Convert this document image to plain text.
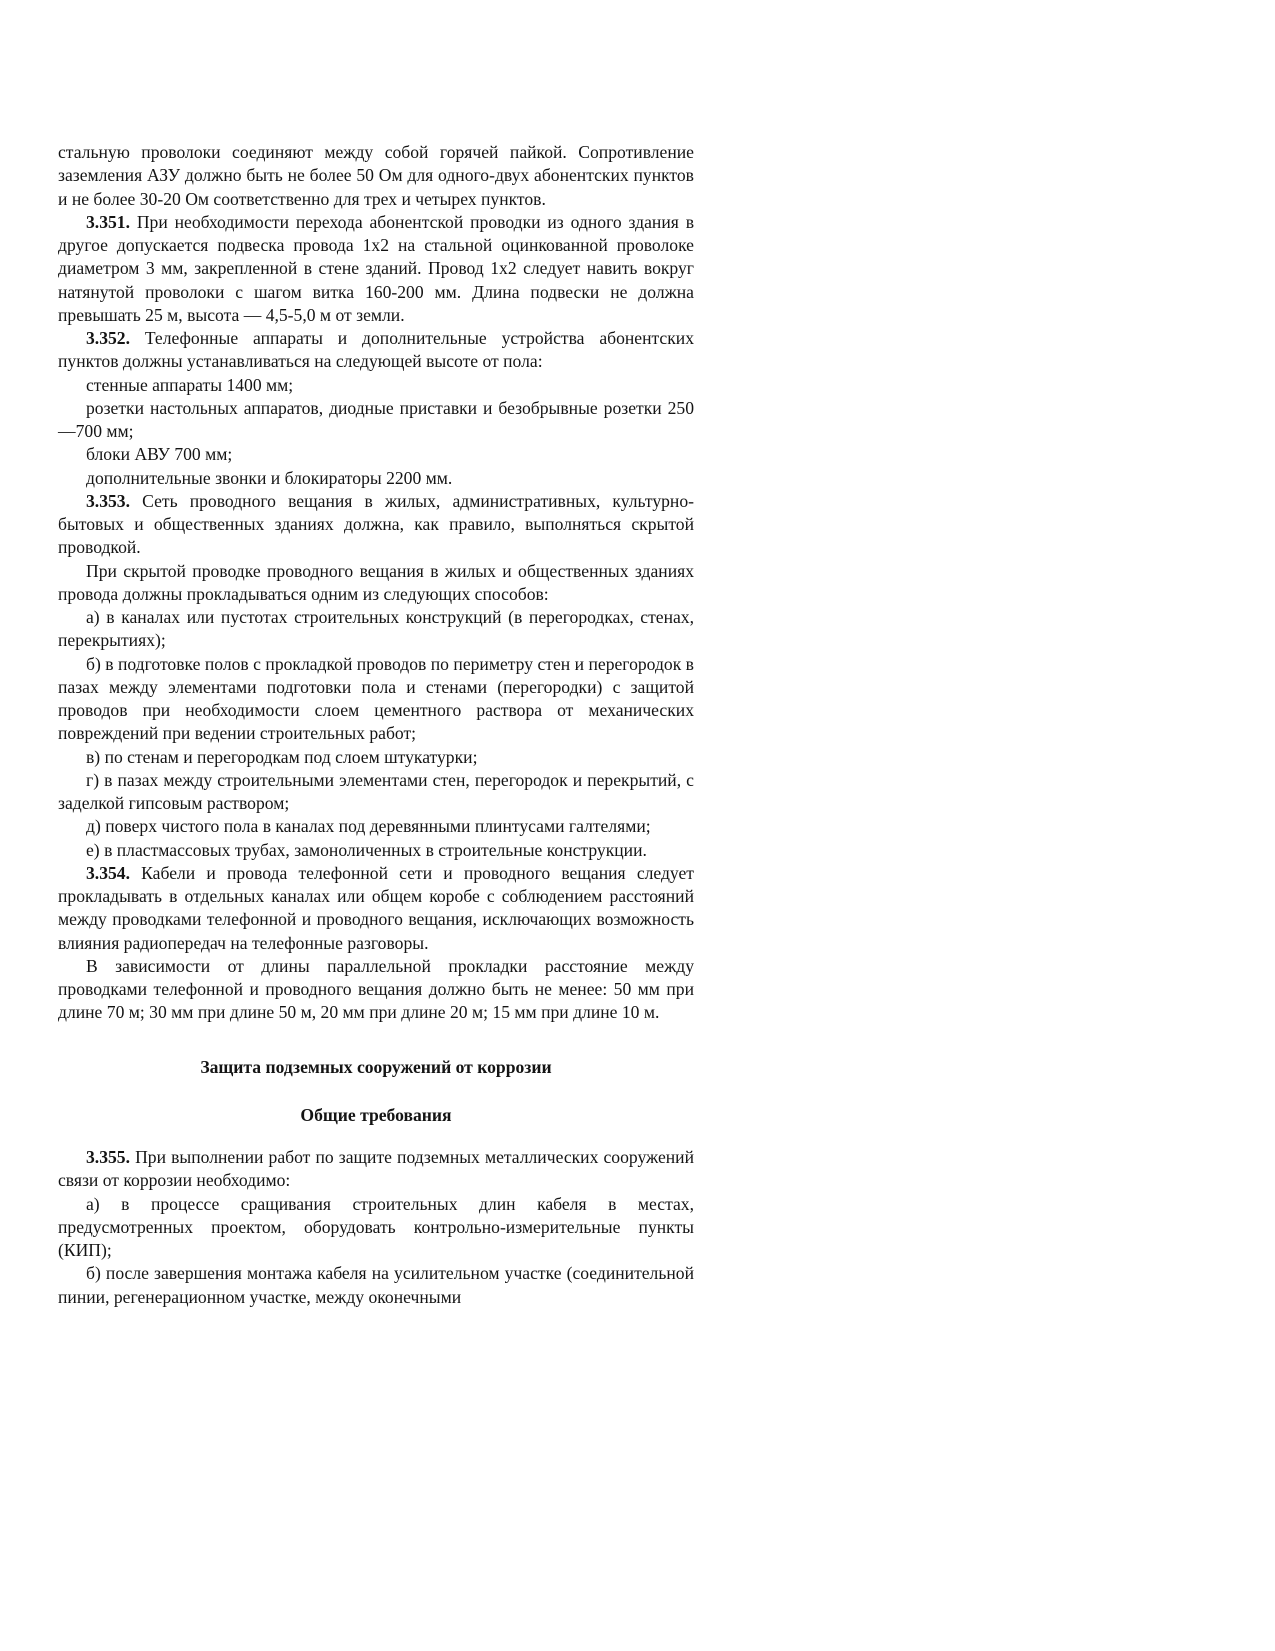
стальную проволоки соединяют между собой горячей пайкой. Сопротивление заземления АЗУ должно быть не более 50 Ом для одного-двух абонентских пунктов и не более 30-20 Ом соответственно для трех и четырех пунктов.

3.351. При необходимости перехода абонентской проводки из одного здания в другое допускается подвеска провода 1х2 на стальной оцинкованной проволоке диаметром 3 мм, закрепленной в стене зданий. Провод 1х2 следует навить вокруг натянутой проволоки с шагом витка 160-200 мм. Длина подвески не должна превышать 25 м, высота — 4,5-5,0 м от земли.

3.352. Телефонные аппараты и дополнительные устройства абонентских пунктов должны устанавливаться на следующей высоте от пола:

стенные аппараты 1400 мм;

розетки настольных аппаратов, диодные приставки и безобрывные розетки 250—700 мм;

блоки АВУ 700 мм;

дополнительные звонки и блокираторы 2200 мм.

3.353. Сеть проводного вещания в жилых, административных, культурно-бытовых и общественных зданиях должна, как правило, выполняться скрытой проводкой.

При скрытой проводке проводного вещания в жилых и общественных зданиях провода должны прокладываться одним из следующих способов:

а) в каналах или пустотах строительных конструкций (в перегородках, стенах, перекрытиях);

б) в подготовке полов с прокладкой проводов по периметру стен и перегородок в пазах между элементами подготовки пола и стенами (перегородки) с защитой проводов при необходимости слоем цементного раствора от механических повреждений при ведении строительных работ;

в) по стенам и перегородкам под слоем штукатурки;

г) в пазах между строительными элементами стен, перегородок и перекрытий, с заделкой гипсовым раствором;

д) поверх чистого пола в каналах под деревянными плинтусами галтелями;

е) в пластмассовых трубах, замоноличенных в строительные конструкции.

3.354. Кабели и провода телефонной сети и проводного вещания следует прокладывать в отдельных каналах или общем коробе с соблюдением расстояний между проводками телефонной и проводного вещания, исключающих возможность влияния радиопередач на телефонные разговоры.

В зависимости от длины параллельной прокладки расстояние между проводками телефонной и проводного вещания должно быть не менее: 50 мм при длине 70 м; 30 мм при длине 50 м, 20 мм при длине 20 м; 15 мм при длине 10 м.

Защита подземных сооружений от коррозии
Общие требования

3.355. При выполнении работ по защите подземных металлических сооружений связи от коррозии необходимо:

а) в процессе сращивания строительных длин кабеля в местах, предусмотренных проектом, оборудовать контрольно-измерительные пункты (КИП);

б) после завершения монтажа кабеля на усилительном участке (соединительной пинии, регенерационном участке, между оконечными
